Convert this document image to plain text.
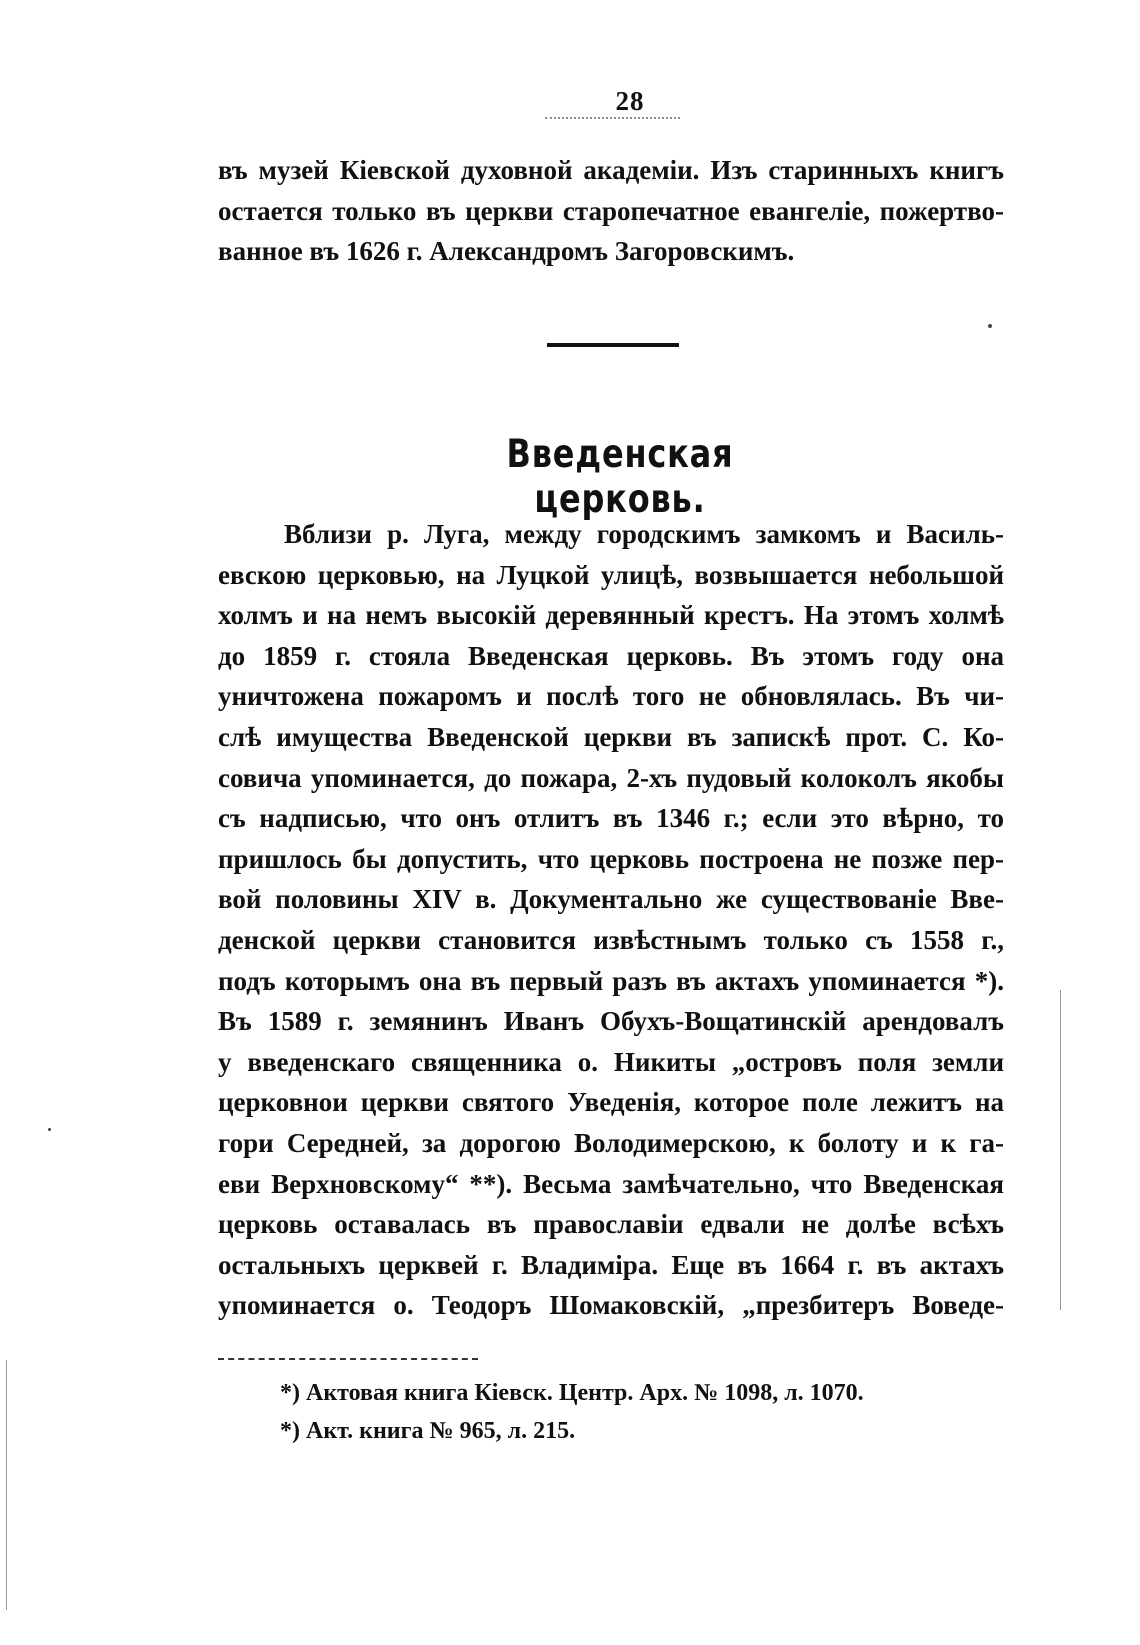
28
въ музей Кіевской духовной академіи. Изъ старинныхъ книгъ
остается только въ церкви старопечатное евангеліе, пожертво-
ванное въ 1626 г. Александромъ Загоровскимъ.
Введенская церковь.
Вблизи р. Луга, между городскимъ замкомъ и Василь-
евскою церковью, на Луцкой улицѣ, возвышается небольшой
холмъ и на немъ высокій деревянный крестъ. На этомъ холмѣ
до 1859 г. стояла Введенская церковь. Въ этомъ году она
уничтожена пожаромъ и послѣ того не обновлялась. Въ чи-
слѣ имущества Введенской церкви въ запискѣ прот. С. Ко-
совича упоминается, до пожара, 2-хъ пудовый колоколъ якобы
съ надписью, что онъ отлитъ въ 1346 г.; если это вѣрно, то
пришлось бы допустить, что церковь построена не позже пер-
вой половины XIV в. Документально же существованіе Вве-
денской церкви становится извѣстнымъ только съ 1558 г.,
подъ которымъ она въ первый разъ въ актахъ упоминается *).
Въ 1589 г. земянинъ Иванъ Обухъ-Вощатинскій арендовалъ
у введенскаго священника о. Никиты „островъ поля земли
церковнои церкви святого Уведенія, которое поле лежитъ на
гори Середней, за дорогою Володимерскою, к болоту и к га-
еви Верхновскому“ **). Весьма замѣчательно, что Введенская
церковь оставалась въ православіи едвали не долѣе всѣхъ
остальныхъ церквей г. Владиміра. Еще въ 1664 г. въ актахъ
упоминается о. Теодоръ Шомаковскій, „презбитеръ Воведе-
*) Актовая книга Кіевск. Центр. Арх. № 1098, л. 1070.
*) Акт. книга № 965, л. 215.
